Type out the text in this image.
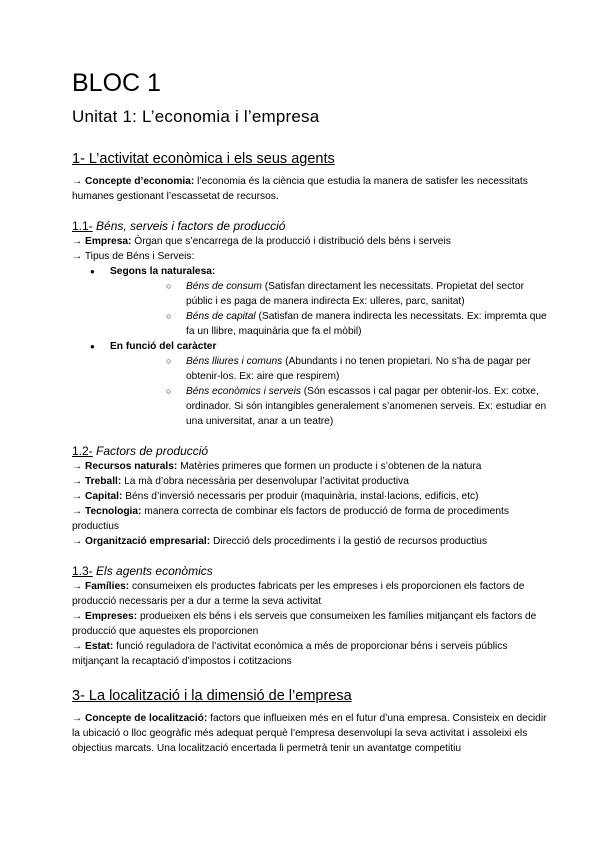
BLOC 1
Unitat 1: L’economia i l’empresa
1- L’activitat econòmica i els seus agents

→ Concepte d’economia: l’economia és la ciència que estudia la manera de satisfer les necessitats humanes gestionant l’escassetat de recursos.

1.1- Béns, serveis i factors de producció

→ Empresa: Òrgan que s’encarrega de la producció i distribució dels béns i serveis

→ Tipus de Béns i Serveis:

● Segons la naturalesa:
○ Béns de consum (Satisfan directament les necessitats. Propietat del sector públic i es paga de manera indirecta Ex: ulleres, parc, sanitat)
○ Béns de capital (Satisfan de manera indirecta les necessitats. Ex: impremta que fa un llibre, maquinària que fa el mòbil)
● En funció del caràcter
○ Béns lliures i comuns (Abundants i no tenen propietari. No s’ha de pagar per obtenir-los. Ex: aire que respirem)
○ Béns econòmics i serveis (Són escassos i cal pagar per obtenir-los. Ex: cotxe, ordinador. Si són intangibles generalement s’anomenen serveis. Ex: estudiar en una universitat, anar a un teatre)
1.2- Factors de producció

→ Recursos naturals: Matèries primeres que formen un producte i s’obtenen de la natura

→ Treball: La mà d’obra necessària per desenvolupar l’activitat productiva

→ Capital: Béns d’inversió necessaris per produir (maquinària, instal·lacions, edificis, etc)

→ Tecnologia: manera correcta de combinar els factors de producció de forma de procediments productius

→ Organització empresarial: Direcció dels procediments i la gestió de recursos productius

1.3- Els agents econòmics

→ Famílies: consumeixen els productes fabricats per les empreses i els proporcionen els factors de producció necessaris per a dur a terme la seva activitat

→ Empreses: produeixen els béns i els serveis que consumeixen les famílies mitjançant els factors de producció que aquestes els proporcionen

→ Estat: funció reguladora de l’activitat econòmica a més de proporcionar béns i serveis públics mitjançant la recaptació d’impostos i cotitzacions

3- La localització i la dimensió de l’empresa

→ Concepte de localització: factors que influeixen més en el futur d’una empresa. Consisteix en decidir la ubicació o lloc geogràfic més adequat perquè l’empresa desenvolupi la seva activitat i assoleixi els objectius marcats. Una localització encertada li permetrà tenir un avantatge competitiu
